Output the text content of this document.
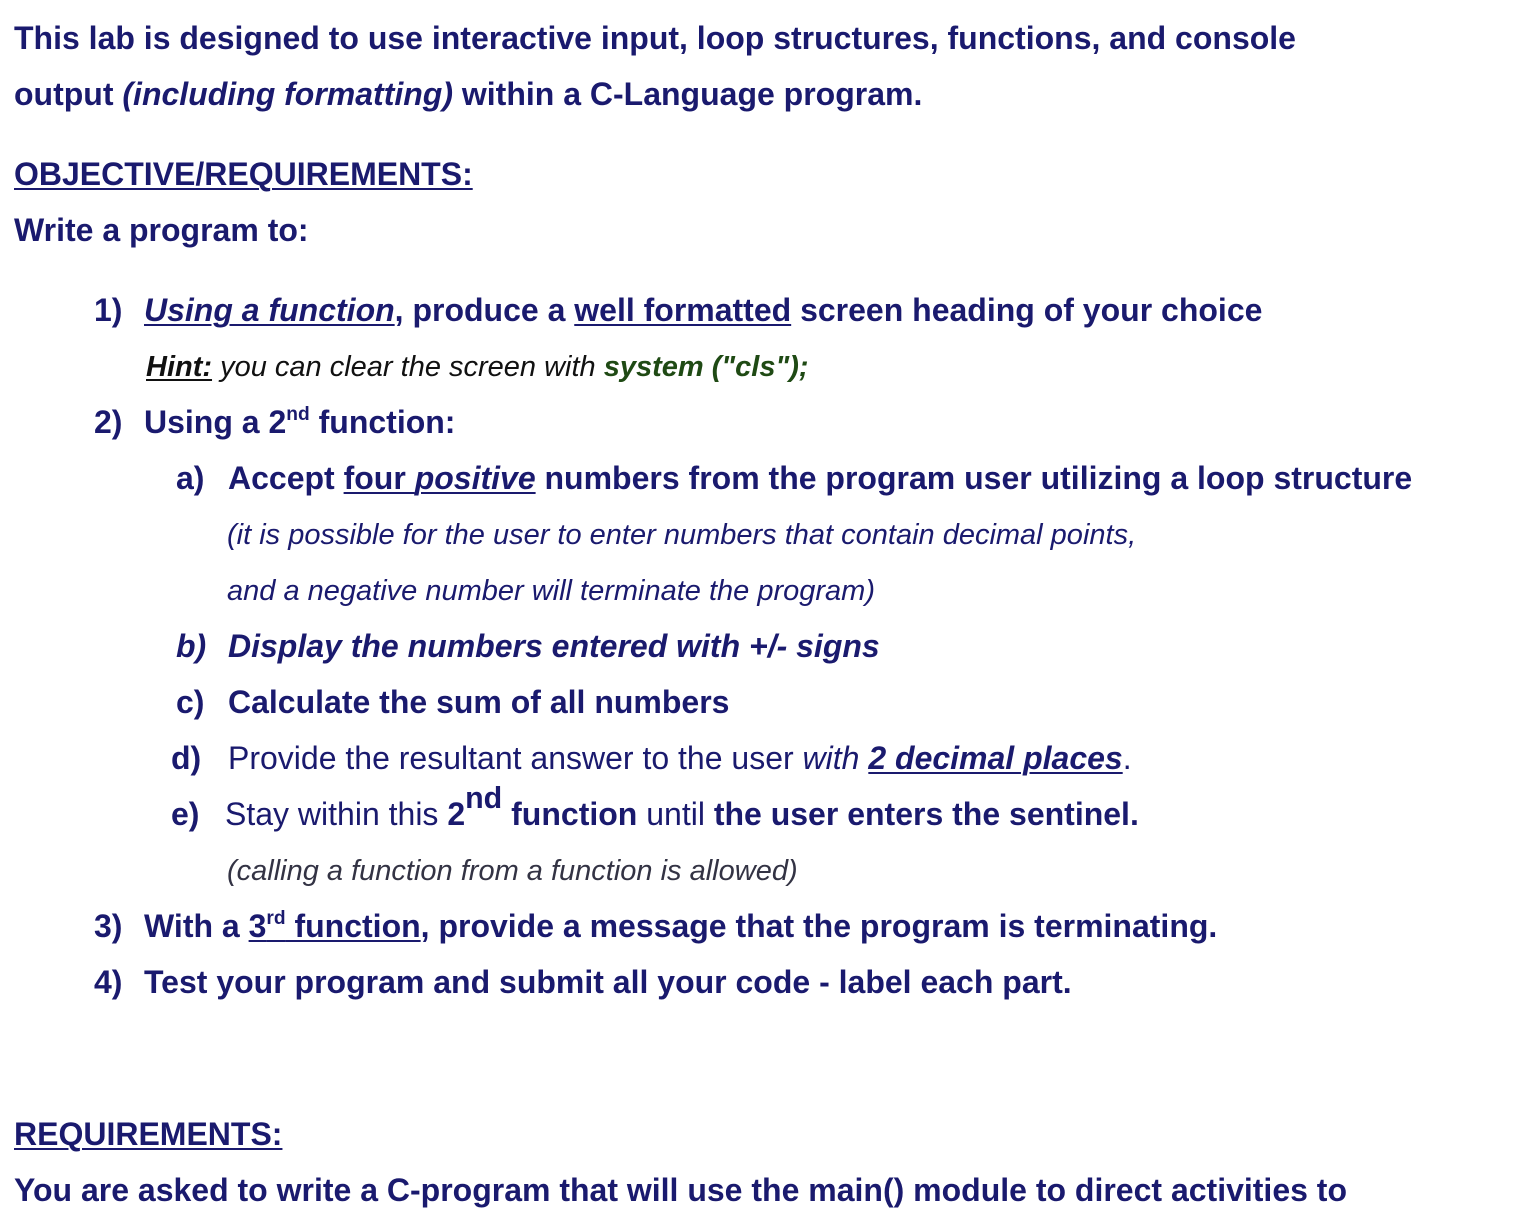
This lab is designed to use interactive input, loop structures, functions, and console
output (including formatting) within a C-Language program.
OBJECTIVE/REQUIREMENTS:
Write a program to:
1) Using a function, produce a well formatted screen heading of your choice
Hint: you can clear the screen with system ("cls");
2) Using a 2nd function:
a) Accept four positive numbers from the program user utilizing a loop structure
(it is possible for the user to enter numbers that contain decimal points,
and a negative number will terminate the program)
b) Display the numbers entered with +/- signs
c) Calculate the sum of all numbers
d) Provide the resultant answer to the user with 2 decimal places.
e) Stay within this 2nd function until the user enters the sentinel.
(calling a function from a function is allowed)
3) With a 3rd function, provide a message that the program is terminating.
4) Test your program and submit all your code - label each part.
REQUIREMENTS:
You are asked to write a C-program that will use the main() module to direct activities to
